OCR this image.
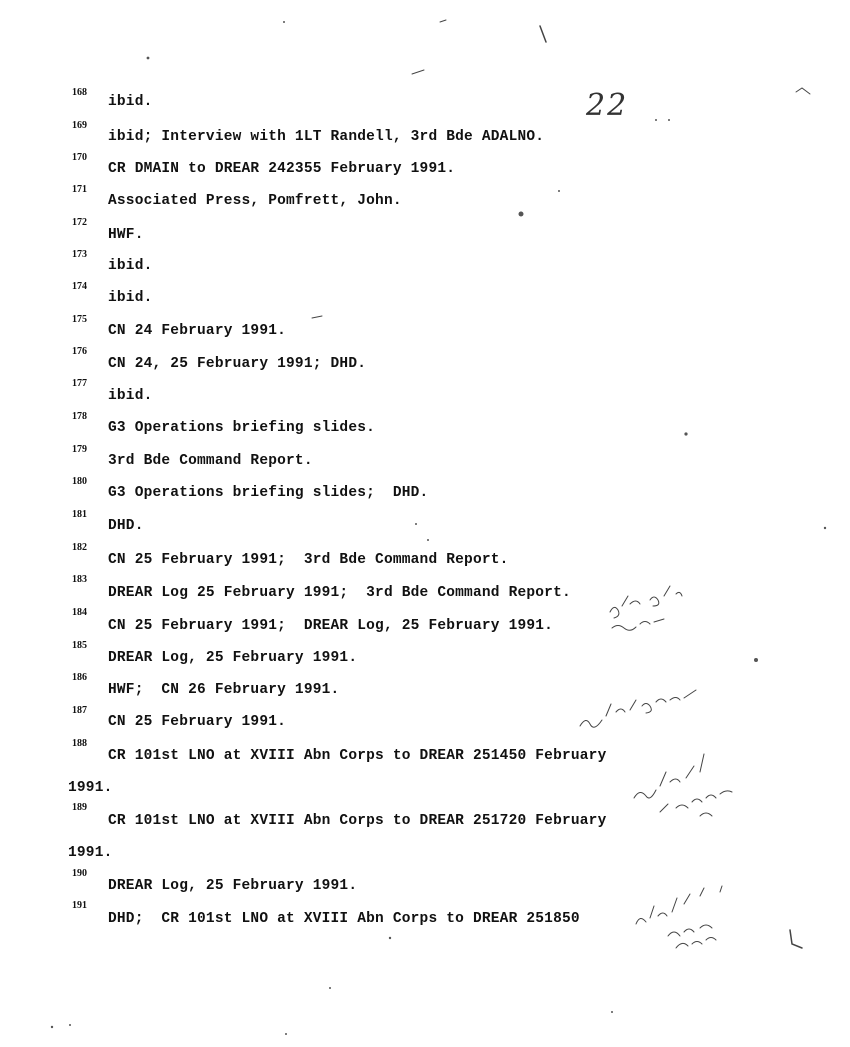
22
168
ibid.
169
ibid; Interview with 1LT Randell, 3rd Bde ADALNO.
170
CR DMAIN to DREAR 242355 February 1991.
171
Associated Press, Pomfrett, John.
172
HWF.
173
ibid.
174
ibid.
175
CN 24 February 1991.
176
CN 24, 25 February 1991; DHD.
177
ibid.
178
G3 Operations briefing slides.
179
3rd Bde Command Report.
180
G3 Operations briefing slides;  DHD.
181
DHD.
182
CN 25 February 1991;  3rd Bde Command Report.
183
DREAR Log 25 February 1991;  3rd Bde Command Report.
184
CN 25 February 1991;  DREAR Log, 25 February 1991.
185
DREAR Log, 25 February 1991.
186
HWF;  CN 26 February 1991.
187
CN 25 February 1991.
188
CR 101st LNO at XVIII Abn Corps to DREAR 251450 February
1991.
189
CR 101st LNO at XVIII Abn Corps to DREAR 251720 February
1991.
190
DREAR Log, 25 February 1991.
191
DHD;  CR 101st LNO at XVIII Abn Corps to DREAR 251850
